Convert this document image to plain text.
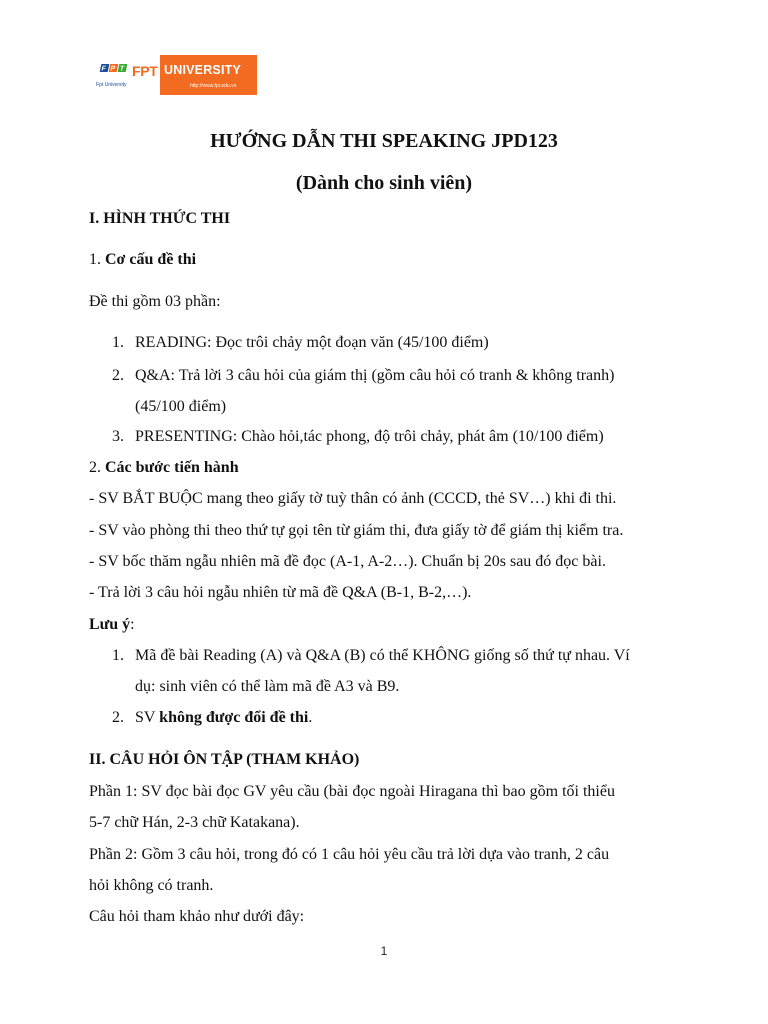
F P T
Fpt University
FPT UNIVERSITY
http://www.fpt.edu.vn
HƯỚNG DẪN THI SPEAKING JPD123
(Dành cho sinh viên)
I. HÌNH THỨC THI
1. Cơ cấu đề thi
Đề thi gồm 03 phần:
1. READING: Đọc trôi chảy một đoạn văn (45/100 điểm)
2. Q&A: Trả lời 3 câu hỏi của giám thị (gồm câu hỏi có tranh & không tranh)
(45/100 điểm)
3. PRESENTING: Chào hỏi,tác phong, độ trôi chảy, phát âm (10/100 điểm)
2. Các bước tiến hành
- SV BẮT BUỘC mang theo giấy tờ tuỳ thân có ảnh (CCCD, thẻ SV…) khi đi thi.
- SV vào phòng thi theo thứ tự gọi tên từ giám thi, đưa giấy tờ để giám thị kiểm tra.
- SV bốc thăm ngẫu nhiên mã đề đọc (A-1, A-2…). Chuẩn bị 20s sau đó đọc bài.
- Trả lời 3 câu hỏi ngẫu nhiên từ mã đề Q&A (B-1, B-2,…).
Lưu ý:
1. Mã đề bài Reading (A) và Q&A (B) có thể KHÔNG giống số thứ tự nhau. Ví
dụ: sinh viên có thể làm mã đề A3 và B9.
2. SV không được đổi đề thi.
II. CÂU HỎI ÔN TẬP (THAM KHẢO)
Phần 1: SV đọc bài đọc GV yêu cầu (bài đọc ngoài Hiragana thì bao gồm tối thiểu
5-7 chữ Hán, 2-3 chữ Katakana).
Phần 2: Gồm 3 câu hỏi, trong đó có 1 câu hỏi yêu cầu trả lời dựa vào tranh, 2 câu
hỏi không có tranh.
Câu hỏi tham khảo như dưới đây:
1
